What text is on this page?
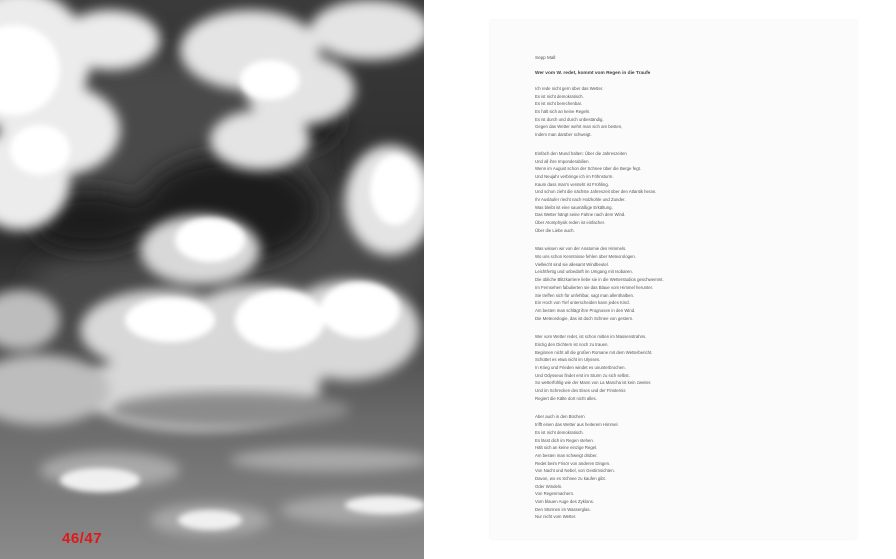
46/47

Sepp Mall

Wer vom W. redet, kommt vom Regen in die Traufe

Ich rede nicht gern über das Wetter.
Es ist nicht demokratisch.
Es ist nicht berechenbar.
Es hält sich an keine Regeln.
Es ist durch und durch unbeständig.
Gegen das Wetter wehrt man sich am besten,
Indem man darüber schweigt.
Einfach den Mund halten: Über die Jahreszeiten
Und all ihre Imponderabilien.
Wenn im August schon der Schnee über die Berge fegt.
Und Neujahr verbringe ich im Föhnsturm.
Kaum dass man's versteht ist Frühling.
Und schon zieht die nächste Jahreszeit über den Atlantik heran.
Ihr Ausläufer riecht nach Holzkohle und Zunder.
Was bleibt ist eine saumäßige Erkältung.
Das Wetter hängt seine Fahne nach dem Wind.
Über Atomphysik reden ist einfacher.
Über die Liebe auch.
Was wissen wir von der Anatomie des Himmels.
Wo uns schon Kenntnisse fehlen über Meteorologen.
Vielleicht sind sie allesamt Windbeutel.
Leichtfertig und unbedarft im Umgang mit Isobaren.
Die übliche Blitzkarriere liebe sie in die Wetterstudios geschwemmt.
Im Fernsehen fabulierten sie das Blaue vom Himmel herunter.
Sie treffen sich für unfehlbar, sagt man allenthalben.
Ein Hoch von Tief unterscheiden kann jedes Kind.
Am besten man schlägt ihre Prognosen in den Wind.
Die Meteorologie, das ist doch Schnee von gestern.
Wer vom Wetter redet, ist schon mitten im Massenstrahns.
Einzig den Dichtern ist noch zu trauen.
Beginnen nicht all die großen Romane mit dem Wetterbericht.
Schüttet es etwa nicht im Ulysses.
In Krieg und Frieden windet es ununterbrochen.
Und Odysseus findet erst im Sturm zu sich selbst.
So wetterfühlig wie der Mann von La Mancha ist kein zweiter.
Und im Schrecken des Eises und der Finsternis
Regiert die Kälte dort nicht alles.
Aber auch in den Büchern
trifft einen das Wetter aus heiterem Himmel.
Es ist nicht demokratisch.
Es lässt dich im Regen stehen.
Hält sich an keine einzige Regel.
Am besten man schweigt drüber.
Redet beim Frisör von anderen Dingen.
Von Nacht und Nebel, von Gestirnsichten.
Davon, wo es Schnee zu kaufen gibt.
Oder Windeln.
Von Regenmachern.
Vom blauen Auge des Zyklons.
Den Stürmen im Wasserglas.
Nur nicht vom Wetter.
